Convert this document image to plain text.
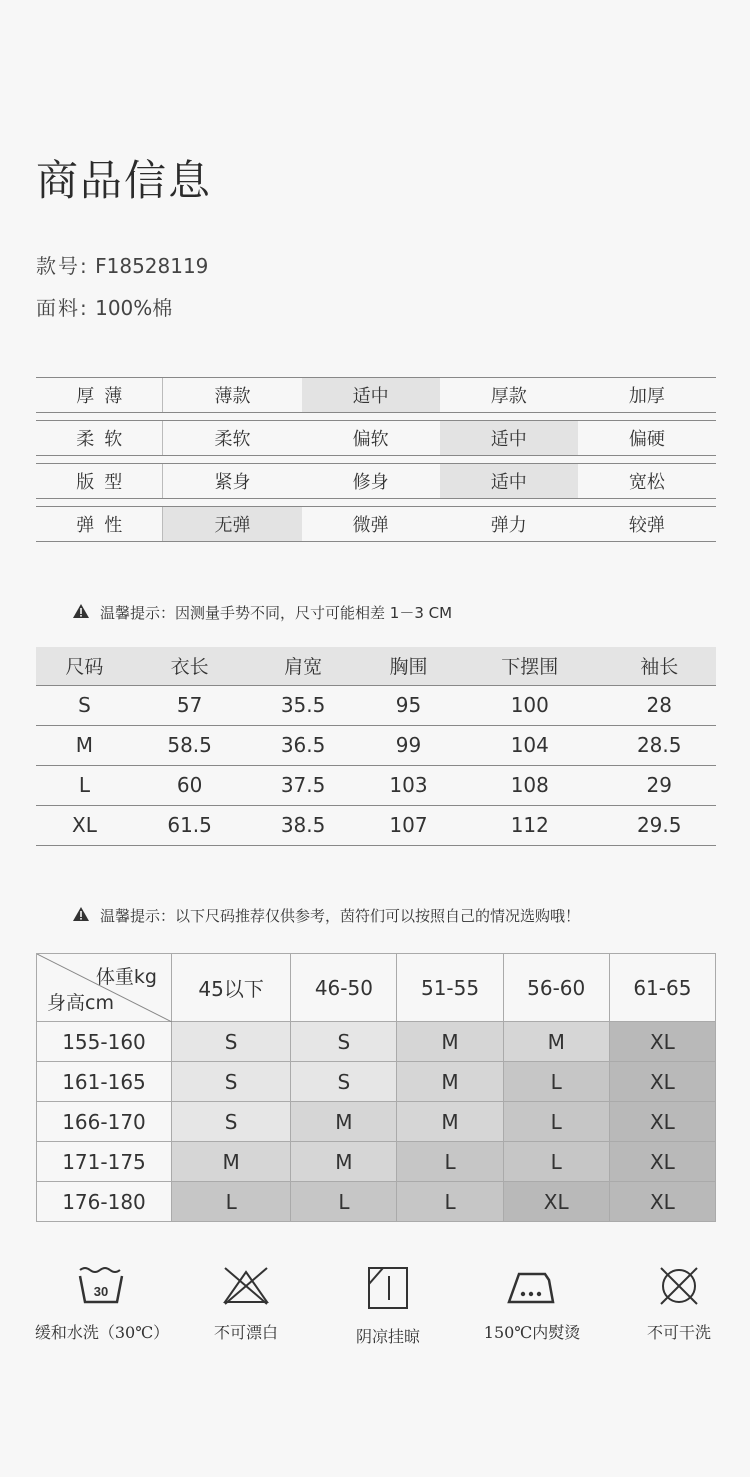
商品信息
款号: F18528119
面料: 100%棉
厚薄	薄款	适中	厚款	加厚
柔软	柔软	偏软	适中	偏硬
版型	紧身	修身	适中	宽松
弹性	无弹	微弹	弹力	较弹
温馨提示：因测量手势不同，尺寸可能相差 1－3 CM
尺码	衣长	肩宽	胸围	下摆围	袖长
S	57	35.5	95	100	28
M	58.5	36.5	99	104	28.5
L	60	37.5	103	108	29
XL	61.5	38.5	107	112	29.5
温馨提示：以下尺码推荐仅供参考，茵符们可以按照自己的情况选购哦！
体重kg
身高cm	45以下	46-50	51-55	56-60	61-65
155-160	S	S	M	M	XL
161-165	S	S	M	L	XL
166-170	S	M	M	L	XL
171-175	M	M	L	L	XL
176-180	L	L	L	XL	XL
30
缓和水洗（30℃）	不可漂白	阴凉挂晾	150℃内熨烫	不可干洗
